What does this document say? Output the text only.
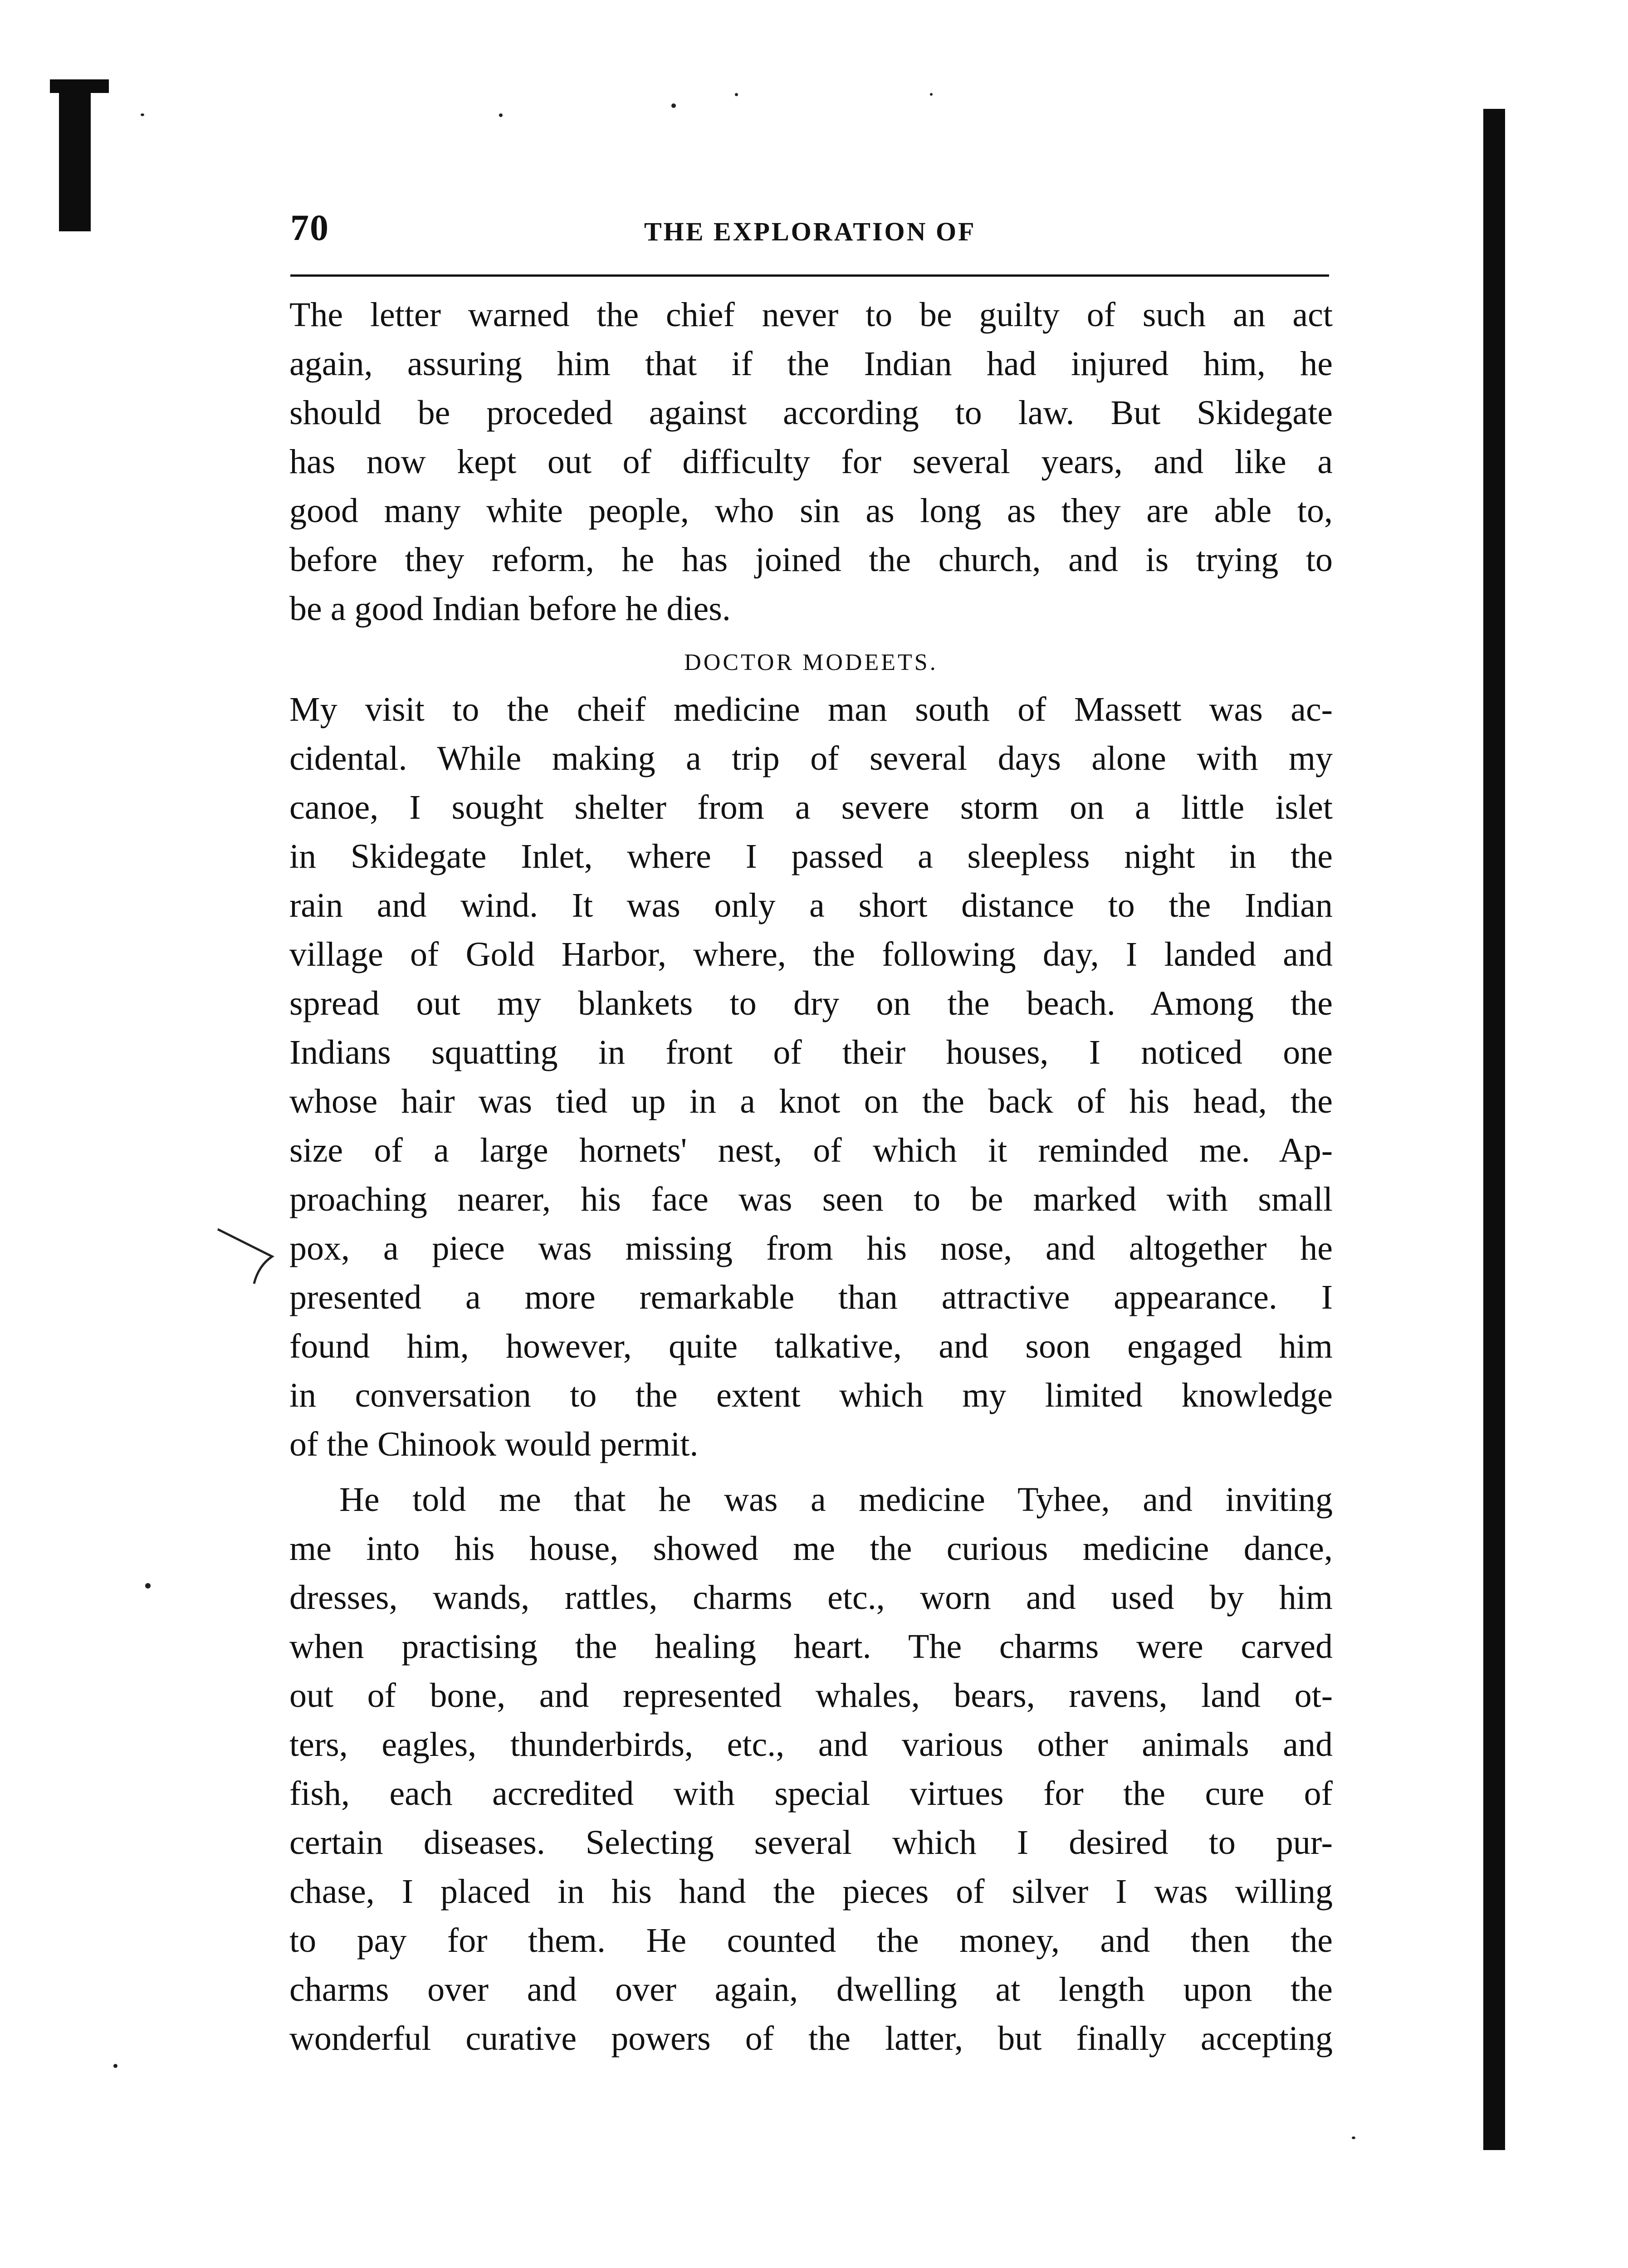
70	THE EXPLORATION OF
The letter warned the chief never to be guilty of such an act
again, assuring him that if the Indian had injured him, he
should be proceded against according to law. But Skidegate
has now kept out of difficulty for several years, and like a
good many white people, who sin as long as they are able to,
before they reform, he has joined the church, and is trying to
be a good Indian before he dies.
DOCTOR MODEETS.
My visit to the cheif medicine man south of Massett was ac-
cidental. While making a trip of several days alone with my
canoe, I sought shelter from a severe storm on a little islet
in Skidegate Inlet, where I passed a sleepless night in the
rain and wind. It was only a short distance to the Indian
village of Gold Harbor, where, the following day, I landed and
spread out my blankets to dry on the beach. Among the
Indians squatting in front of their houses, I noticed one
whose hair was tied up in a knot on the back of his head, the
size of a large hornets' nest, of which it reminded me. Ap-
proaching nearer, his face was seen to be marked with small
pox, a piece was missing from his nose, and altogether he
presented a more remarkable than attractive appearance. I
found him, however, quite talkative, and soon engaged him
in conversation to the extent which my limited knowledge
of the Chinook would permit.
He told me that he was a medicine Tyhee, and inviting
me into his house, showed me the curious medicine dance,
dresses, wands, rattles, charms etc., worn and used by him
when practising the healing heart. The charms were carved
out of bone, and represented whales, bears, ravens, land ot-
ters, eagles, thunderbirds, etc., and various other animals and
fish, each accredited with special virtues for the cure of
certain diseases. Selecting several which I desired to pur-
chase, I placed in his hand the pieces of silver I was willing
to pay for them. He counted the money, and then the
charms over and over again, dwelling at length upon the
wonderful curative powers of the latter, but finally accepting
